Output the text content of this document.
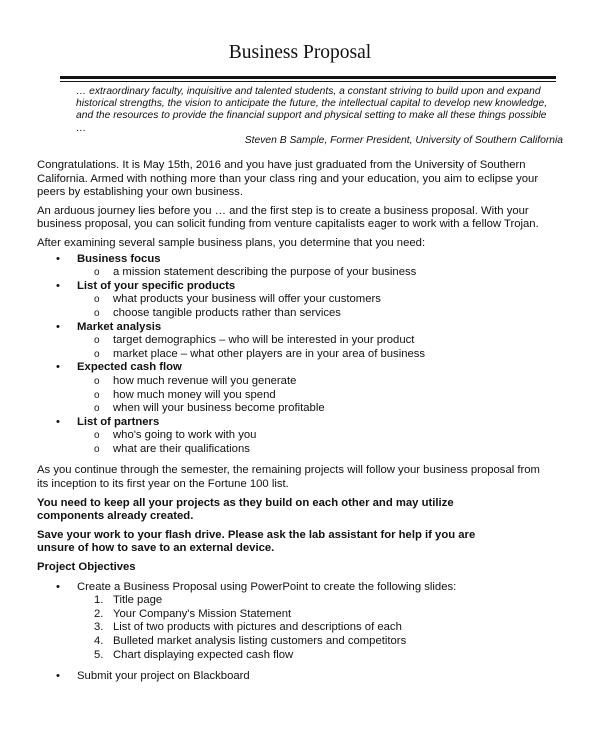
Business Proposal
… extraordinary faculty, inquisitive and talented students, a constant striving to build upon and expand
historical strengths, the vision to anticipate the future, the intellectual capital to develop new knowledge,
and the resources to provide the financial support and physical setting to make all these things possible
…
Steven B Sample, Former President, University of Southern California

Congratulations. It is May 15th, 2016 and you have just graduated from the University of Southern
California. Armed with nothing more than your class ring and your education, you aim to eclipse your
peers by establishing your own business.

An arduous journey lies before you … and the first step is to create a business proposal. With your
business proposal, you can solicit funding from venture capitalists eager to work with a fellow Trojan.

After examining several sample business plans, you determine that you need:

• Business focus
o a mission statement describing the purpose of your business
• List of your specific products
o what products your business will offer your customers
o choose tangible products rather than services
• Market analysis
o target demographics – who will be interested in your product
o market place – what other players are in your area of business
• Expected cash flow
o how much revenue will you generate
o how much money will you spend
o when will your business become profitable
• List of partners
o who's going to work with you
o what are their qualifications

As you continue through the semester, the remaining projects will follow your business proposal from
its inception to its first year on the Fortune 100 list.

You need to keep all your projects as they build on each other and may utilize
components already created.

Save your work to your flash drive. Please ask the lab assistant for help if you are
unsure of how to save to an external device.

Project Objectives
• Create a Business Proposal using PowerPoint to create the following slides:
1. Title page
2. Your Company's Mission Statement
3. List of two products with pictures and descriptions of each
4. Bulleted market analysis listing customers and competitors
5. Chart displaying expected cash flow
• Submit your project on Blackboard
